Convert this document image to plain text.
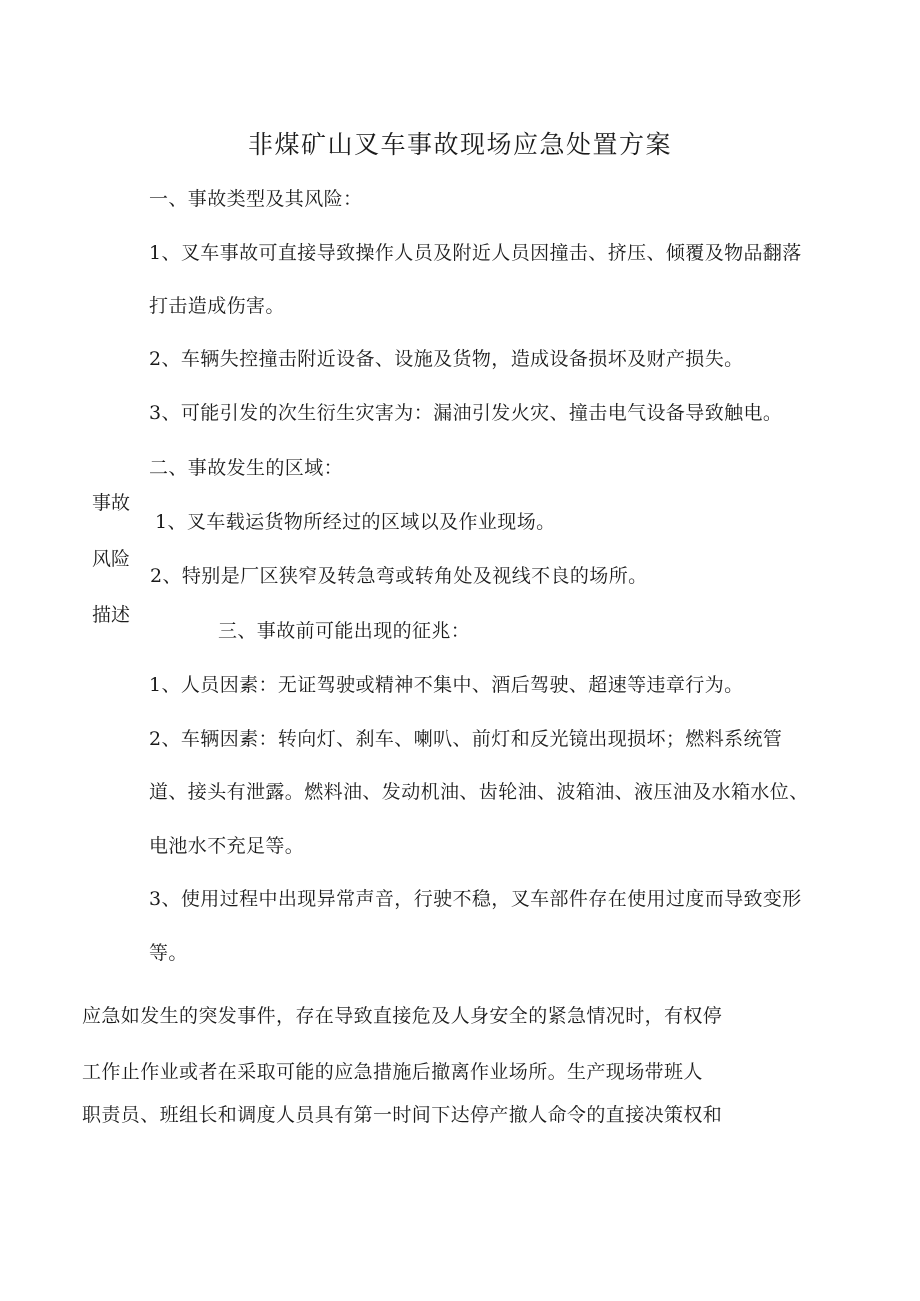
非煤矿山叉车事故现场应急处置方案
一、事故类型及其风险：
1、叉车事故可直接导致操作人员及附近人员因撞击、挤压、倾覆及物品翻落
打击造成伤害。
2、车辆失控撞击附近设备、设施及货物，造成设备损坏及财产损失。
3、可能引发的次生衍生灾害为：漏油引发火灾、撞击电气设备导致触电。
二、事故发生的区域：
事故
风险
描述
1、叉车载运货物所经过的区域以及作业现场。
2、特别是厂区狭窄及转急弯或转角处及视线不良的场所。
三、事故前可能出现的征兆：
1、人员因素：无证驾驶或精神不集中、酒后驾驶、超速等违章行为。
2、车辆因素：转向灯、刹车、喇叭、前灯和反光镜出现损坏；燃料系统管
道、接头有泄露。燃料油、发动机油、齿轮油、波箱油、液压油及水箱水位、
电池水不充足等。
3、使用过程中出现异常声音，行驶不稳，叉车部件存在使用过度而导致变形
等。
应急如发生的突发事件，存在导致直接危及人身安全的紧急情况时，有权停
工作止作业或者在采取可能的应急措施后撤离作业场所。生产现场带班人
职责员、班组长和调度人员具有第一时间下达停产撤人命令的直接决策权和
